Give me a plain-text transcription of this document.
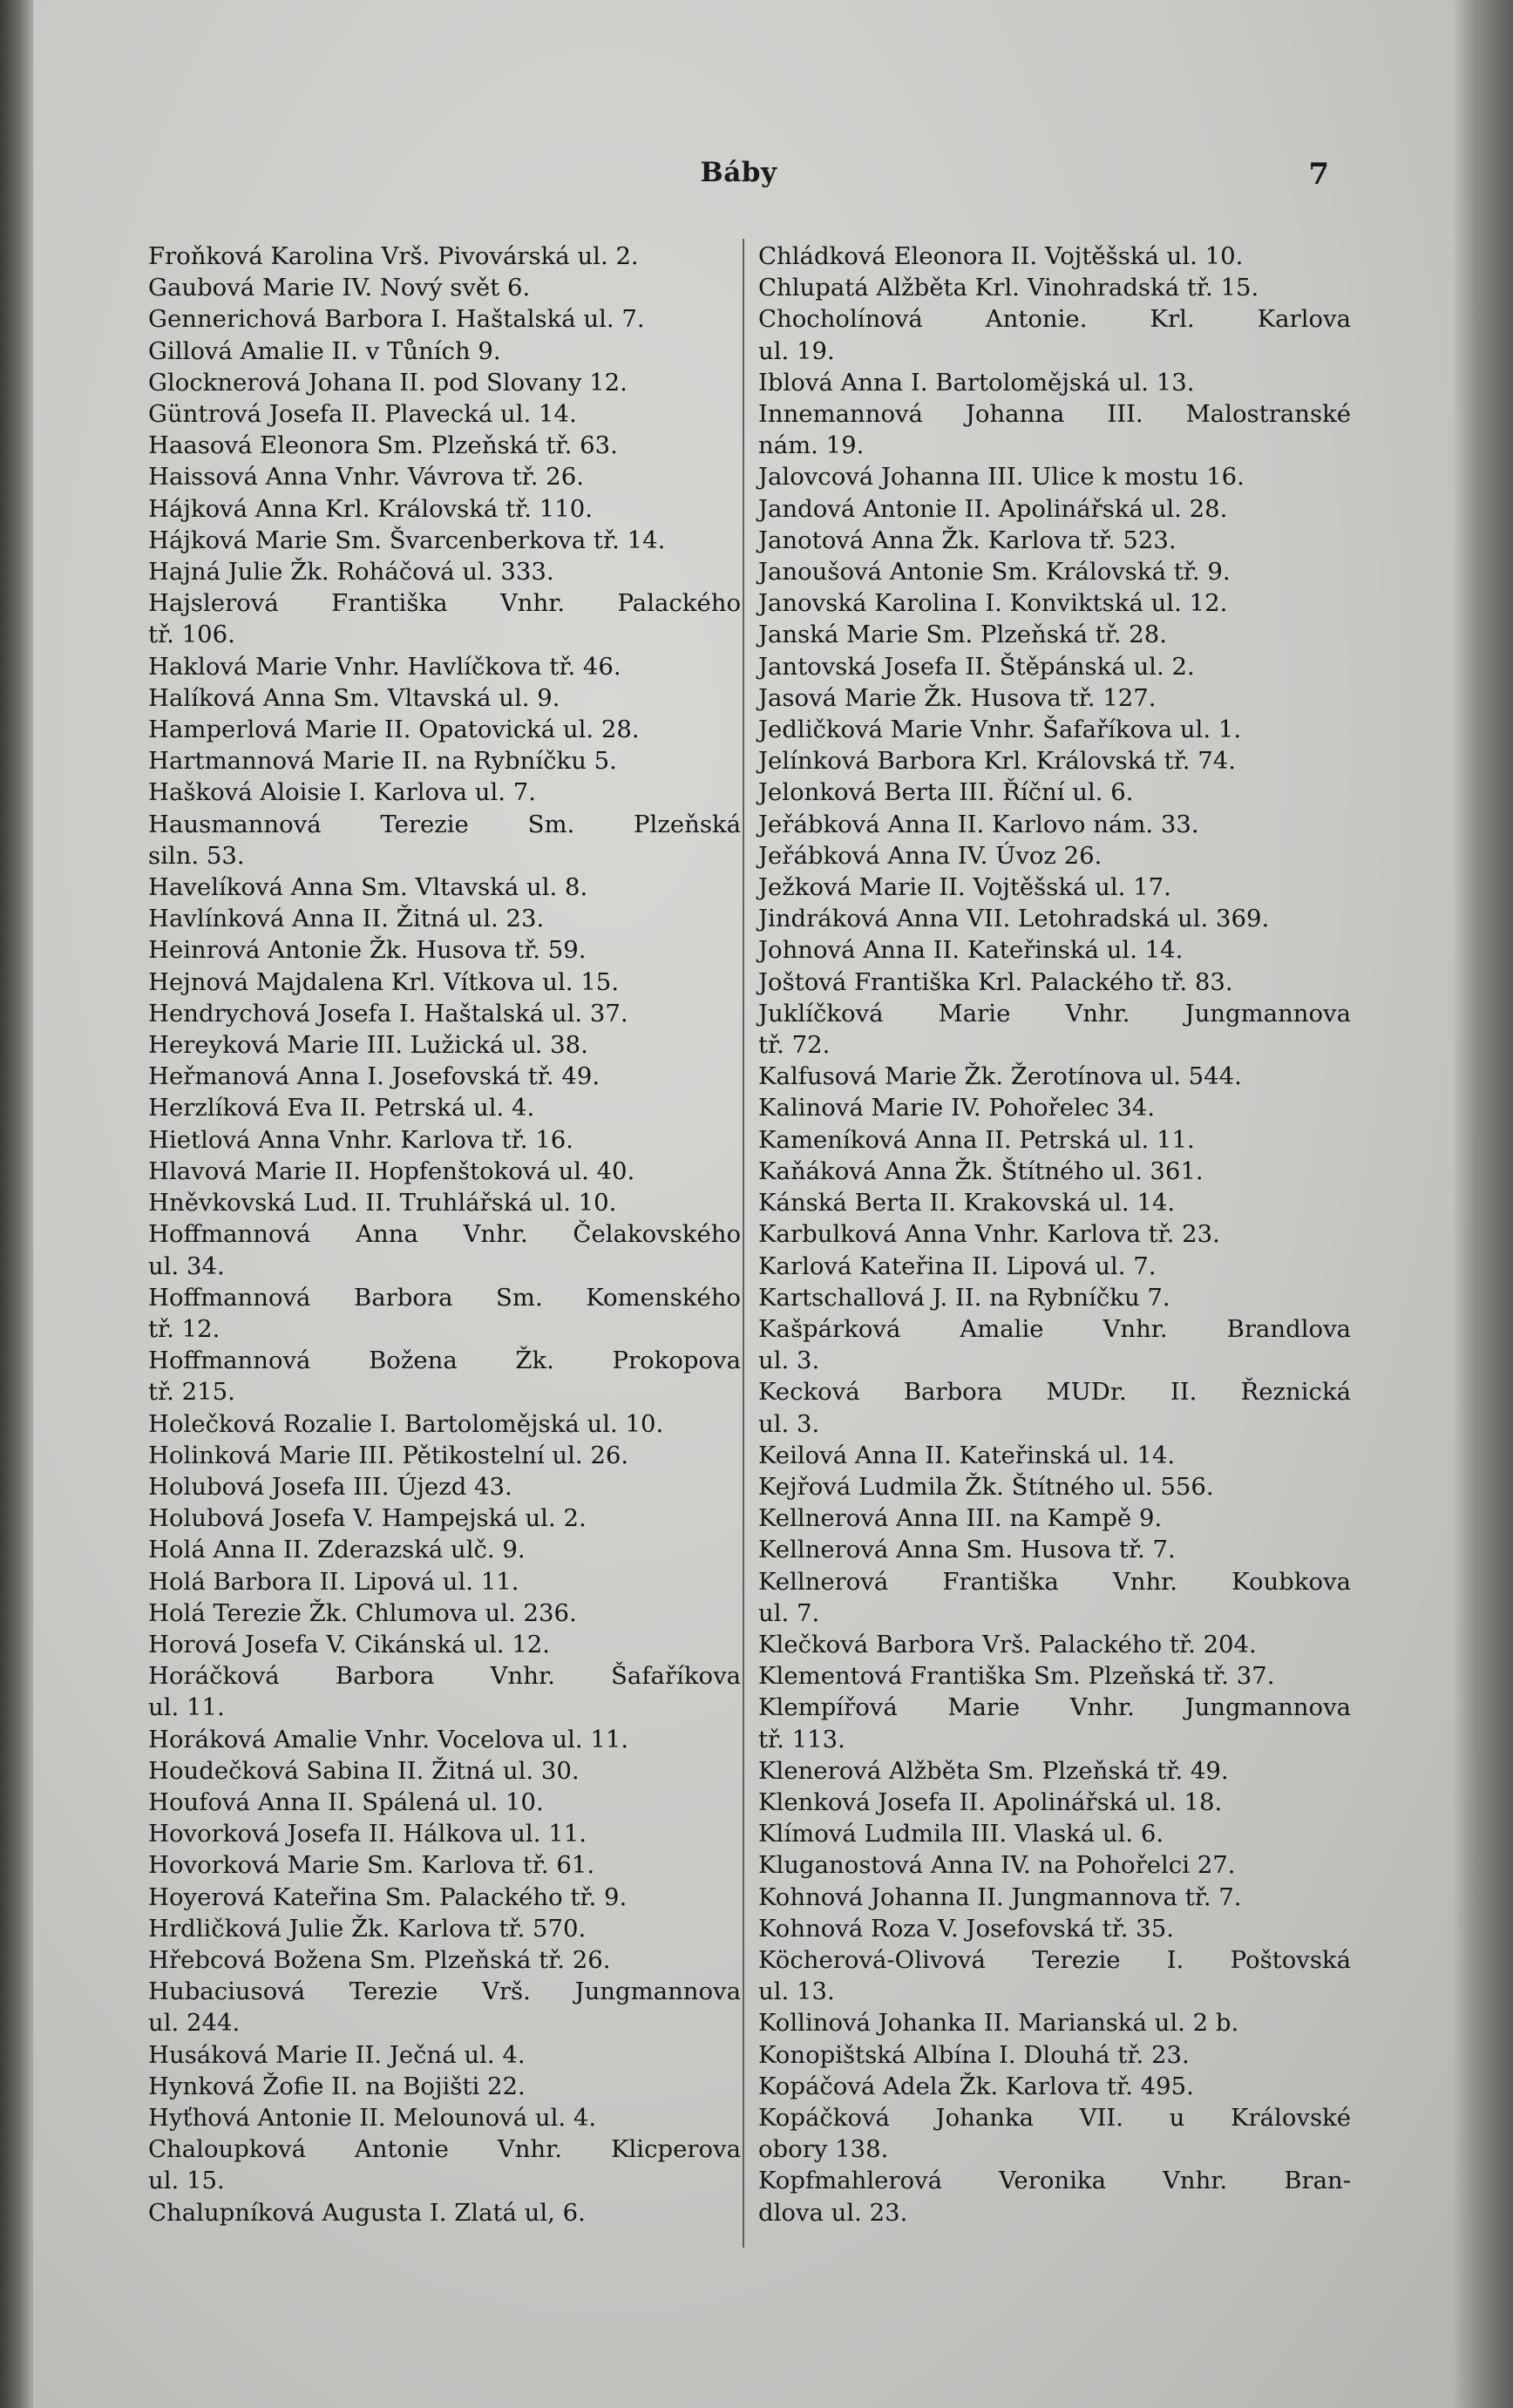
Báby	7
Froňková Karolina Vrš. Pivovárská ul. 2.
Gaubová Marie IV. Nový svět 6.
Gennerichová Barbora I. Haštalská ul. 7.
Gillová Amalie II. v Tůních 9.
Glocknerová Johana II. pod Slovany 12.
Güntrová Josefa II. Plavecká ul. 14.
Haasová Eleonora Sm. Plzeňská tř. 63.
Haissová Anna Vnhr. Vávrova tř. 26.
Hájková Anna Krl. Královská tř. 110.
Hájková Marie Sm. Švarcenberkova tř. 14.
Hajná Julie Žk. Roháčová ul. 333.
Hajslerová Františka Vnhr. Palackého
tř. 106.
Haklová Marie Vnhr. Havlíčkova tř. 46.
Halíková Anna Sm. Vltavská ul. 9.
Hamperlová Marie II. Opatovická ul. 28.
Hartmannová Marie II. na Rybníčku 5.
Hašková Aloisie I. Karlova ul. 7.
Hausmannová Terezie Sm. Plzeňská
siln. 53.
Havelíková Anna Sm. Vltavská ul. 8.
Havlínková Anna II. Žitná ul. 23.
Heinrová Antonie Žk. Husova tř. 59.
Hejnová Majdalena Krl. Vítkova ul. 15.
Hendrychová Josefa I. Haštalská ul. 37.
Hereyková Marie III. Lužická ul. 38.
Heřmanová Anna I. Josefovská tř. 49.
Herzlíková Eva II. Petrská ul. 4.
Hietlová Anna Vnhr. Karlova tř. 16.
Hlavová Marie II. Hopfenštoková ul. 40.
Hněvkovská Lud. II. Truhlářská ul. 10.
Hoffmannová Anna Vnhr. Čelakovského
ul. 34.
Hoffmannová Barbora Sm. Komenského
tř. 12.
Hoffmannová Božena Žk. Prokopova
tř. 215.
Holečková Rozalie I. Bartolomějská ul. 10.
Holinková Marie III. Pětikostelní ul. 26.
Holubová Josefa III. Újezd 43.
Holubová Josefa V. Hampejská ul. 2.
Holá Anna II. Zderazská ulč. 9.
Holá Barbora II. Lipová ul. 11.
Holá Terezie Žk. Chlumova ul. 236.
Horová Josefa V. Cikánská ul. 12.
Horáčková Barbora Vnhr. Šafaříkova
ul. 11.
Horáková Amalie Vnhr. Vocelova ul. 11.
Houdečková Sabina II. Žitná ul. 30.
Houfová Anna II. Spálená ul. 10.
Hovorková Josefa II. Hálkova ul. 11.
Hovorková Marie Sm. Karlova tř. 61.
Hoyerová Kateřina Sm. Palackého tř. 9.
Hrdličková Julie Žk. Karlova tř. 570.
Hřebcová Božena Sm. Plzeňská tř. 26.
Hubaciusová Terezie Vrš. Jungmannova
ul. 244.
Husáková Marie II. Ječná ul. 4.
Hynková Žofie II. na Bojišti 22.
Hyťhová Antonie II. Melounová ul. 4.
Chaloupková Antonie Vnhr. Klicperova
ul. 15.
Chalupníková Augusta I. Zlatá ul, 6.
Chládková Eleonora II. Vojtěšská ul. 10.
Chlupatá Alžběta Krl. Vinohradská tř. 15.
Chocholínová Antonie. Krl. Karlova
ul. 19.
Iblová Anna I. Bartolomějská ul. 13.
Innemannová Johanna III. Malostranské
nám. 19.
Jalovcová Johanna III. Ulice k mostu 16.
Jandová Antonie II. Apolinářská ul. 28.
Janotová Anna Žk. Karlova tř. 523.
Janoušová Antonie Sm. Královská tř. 9.
Janovská Karolina I. Konviktská ul. 12.
Janská Marie Sm. Plzeňská tř. 28.
Jantovská Josefa II. Štěpánská ul. 2.
Jasová Marie Žk. Husova tř. 127.
Jedličková Marie Vnhr. Šafaříkova ul. 1.
Jelínková Barbora Krl. Královská tř. 74.
Jelonková Berta III. Říční ul. 6.
Jeřábková Anna II. Karlovo nám. 33.
Jeřábková Anna IV. Úvoz 26.
Ježková Marie II. Vojtěšská ul. 17.
Jindráková Anna VII. Letohradská ul. 369.
Johnová Anna II. Kateřinská ul. 14.
Joštová Františka Krl. Palackého tř. 83.
Juklíčková Marie Vnhr. Jungmannova
tř. 72.
Kalfusová Marie Žk. Žerotínova ul. 544.
Kalinová Marie IV. Pohořelec 34.
Kameníková Anna II. Petrská ul. 11.
Kaňáková Anna Žk. Štítného ul. 361.
Kánská Berta II. Krakovská ul. 14.
Karbulková Anna Vnhr. Karlova tř. 23.
Karlová Kateřina II. Lipová ul. 7.
Kartschallová J. II. na Rybníčku 7.
Kašpárková Amalie Vnhr. Brandlova
ul. 3.
Kecková Barbora MUDr. II. Řeznická
ul. 3.
Keilová Anna II. Kateřinská ul. 14.
Kejřová Ludmila Žk. Štítného ul. 556.
Kellnerová Anna III. na Kampě 9.
Kellnerová Anna Sm. Husova tř. 7.
Kellnerová Františka Vnhr. Koubkova
ul. 7.
Klečková Barbora Vrš. Palackého tř. 204.
Klementová Františka Sm. Plzeňská tř. 37.
Klempířová Marie Vnhr. Jungmannova
tř. 113.
Klenerová Alžběta Sm. Plzeňská tř. 49.
Klenková Josefa II. Apolinářská ul. 18.
Klímová Ludmila III. Vlaská ul. 6.
Kluganostová Anna IV. na Pohořelci 27.
Kohnová Johanna II. Jungmannova tř. 7.
Kohnová Roza V. Josefovská tř. 35.
Köcherová-Olivová Terezie I. Poštovská
ul. 13.
Kollinová Johanka II. Marianská ul. 2 b.
Konopištská Albína I. Dlouhá tř. 23.
Kopáčová Adela Žk. Karlova tř. 495.
Kopáčková Johanka VII. u Královské
obory 138.
Kopfmahlerová Veronika Vnhr. Bran-
dlova ul. 23.
